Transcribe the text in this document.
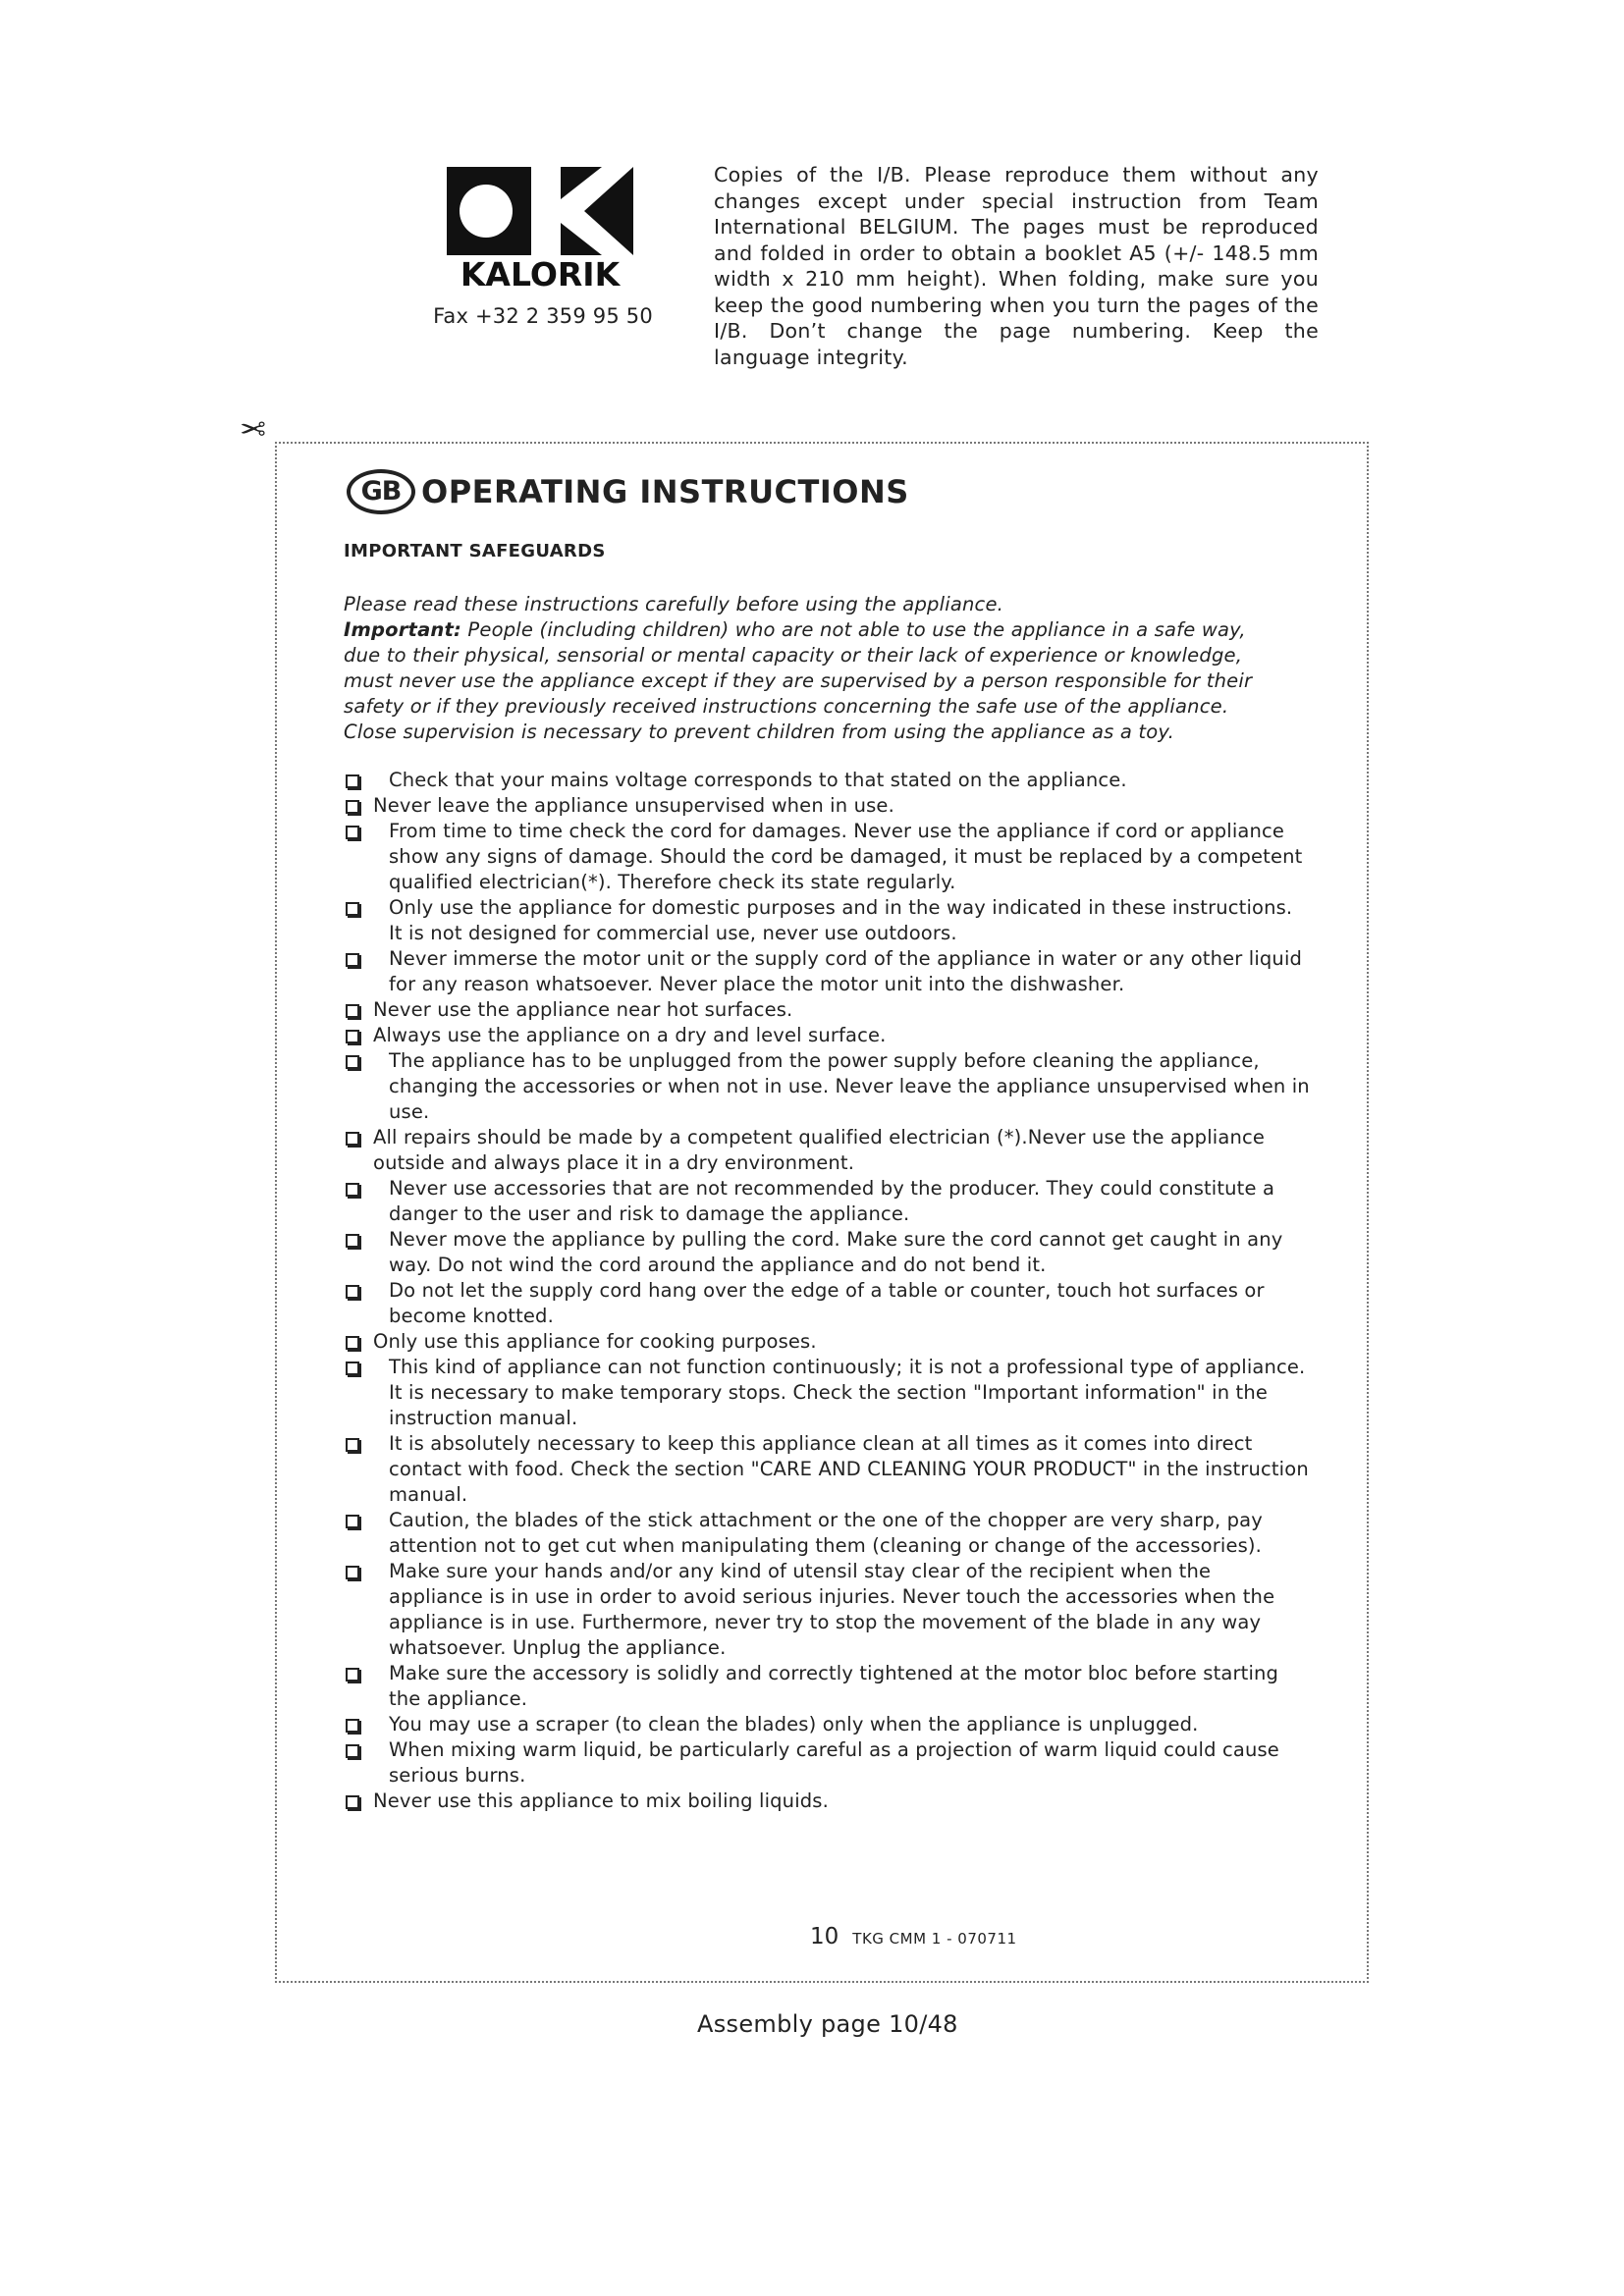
KALORIK
Fax +32 2 359 95 50
Copies of the I/B. Please reproduce them without any changes except under special instruction from Team International BELGIUM. The pages must be reproduced and folded in order to obtain a booklet A5 (+/- 148.5 mm width x 210 mm height). When folding, make sure you keep the good numbering when you turn the pages of the I/B. Don’t change the page numbering. Keep the language integrity.
✂
GB OPERATING INSTRUCTIONS
IMPORTANT SAFEGUARDS

Please read these instructions carefully before using the appliance.

Important: People (including children) who are not able to use the appliance in a safe way, due to their physical, sensorial or mental capacity or their lack of experience or knowledge, must never use the appliance except if they are supervised by a person responsible for their safety or if they previously received instructions concerning the safe use of the appliance. Close supervision is necessary to prevent children from using the appliance as a toy.

Check that your mains voltage corresponds to that stated on the appliance.
Never leave the appliance unsupervised when in use.
From time to time check the cord for damages. Never use the appliance if cord or appliance show any signs of damage. Should the cord be damaged, it must be replaced by a competent qualified electrician(*). Therefore check its state regularly.
Only use the appliance for domestic purposes and in the way indicated in these instructions. It is not designed for commercial use, never use outdoors.
Never immerse the motor unit or the supply cord of the appliance in water or any other liquid for any reason whatsoever. Never place the motor unit into the dishwasher.
Never use the appliance near hot surfaces.
Always use the appliance on a dry and level surface.
The appliance has to be unplugged from the power supply before cleaning the appliance, changing the accessories or when not in use. Never leave the appliance unsupervised when in use.
All repairs should be made by a competent qualified electrician (*).Never use the appliance outside and always place it in a dry environment.
Never use accessories that are not recommended by the producer. They could constitute a danger to the user and risk to damage the appliance.
Never move the appliance by pulling the cord. Make sure the cord cannot get caught in any way. Do not wind the cord around the appliance and do not bend it.
Do not let the supply cord hang over the edge of a table or counter, touch hot surfaces or become knotted.
Only use this appliance for cooking purposes.
This kind of appliance can not function continuously; it is not a professional type of appliance. It is necessary to make temporary stops. Check the section "Important information" in the instruction manual.
It is absolutely necessary to keep this appliance clean at all times as it comes into direct contact with food. Check the section "CARE AND CLEANING YOUR PRODUCT" in the instruction manual.
Caution, the blades of the stick attachment or the one of the chopper are very sharp, pay attention not to get cut when manipulating them (cleaning or change of the accessories).
Make sure your hands and/or any kind of utensil stay clear of the recipient when the appliance is in use in order to avoid serious injuries. Never touch the accessories when the appliance is in use. Furthermore, never try to stop the movement of the blade in any way whatsoever. Unplug the appliance.
Make sure the accessory is solidly and correctly tightened at the motor bloc before starting the appliance.
You may use a scraper (to clean the blades) only when the appliance is unplugged.
When mixing warm liquid, be particularly careful as a projection of warm liquid could cause serious burns.
Never use this appliance to mix boiling liquids.
10 TKG CMM 1 - 070711
Assembly page 10/48
